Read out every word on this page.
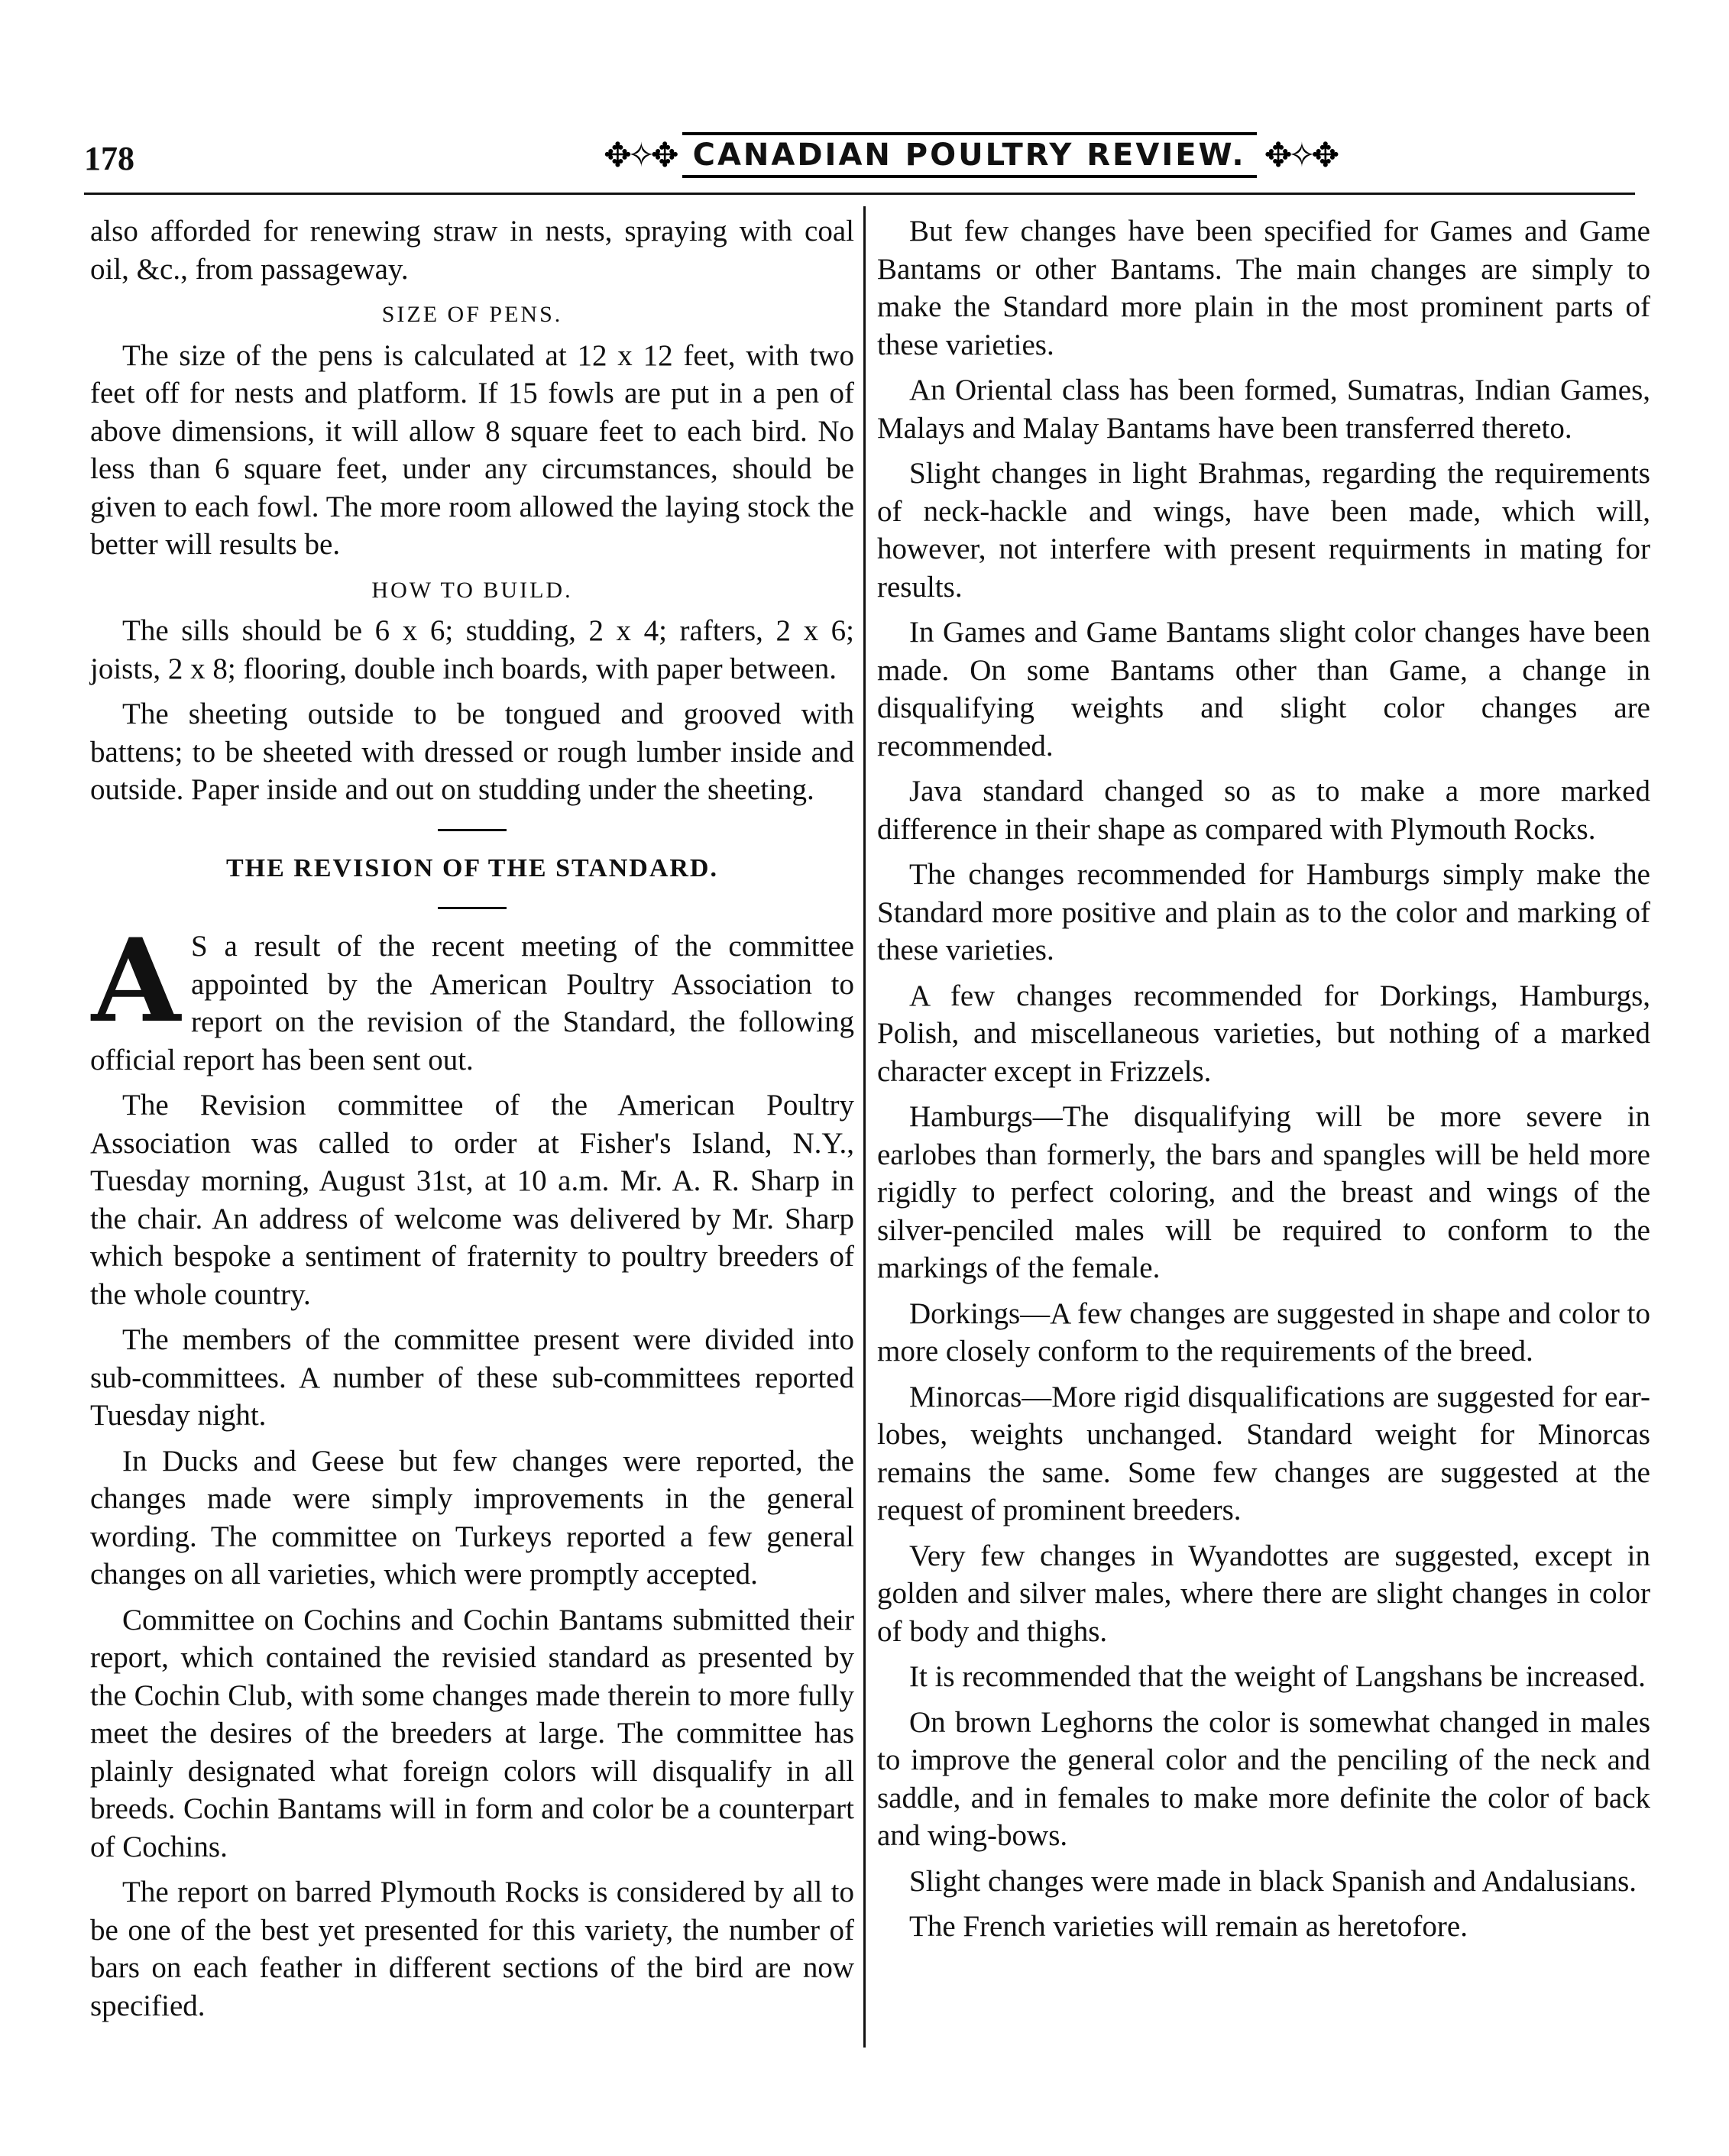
178	✥✧✥ CANADIAN POULTRY REVIEW. ✥✧✥

also afforded for renewing straw in nests, spraying with coal oil, &c., from passageway.

SIZE OF PENS.

The size of the pens is calculated at 12 x 12 feet, with two feet off for nests and platform. If 15 fowls are put in a pen of above dimensions, it will allow 8 square feet to each bird. No less than 6 square feet, under any circumstances, should be given to each fowl. The more room allowed the laying stock the better will results be.

HOW TO BUILD.

The sills should be 6 x 6; studding, 2 x 4; rafters, 2 x 6; joists, 2 x 8; flooring, double inch boards, with paper between.

The sheeting outside to be tongued and grooved with battens; to be sheeted with dressed or rough lumber inside and outside. Paper inside and out on studding under the sheeting.

THE REVISION OF THE STANDARD.
A S a result of the recent meeting of the committee appointed by the American Poultry Association to report on the revision of the Standard, the following official report has been sent out.

The Revision committee of the American Poultry Association was called to order at Fisher's Island, N.Y., Tuesday morning, August 31st, at 10 a.m. Mr. A. R. Sharp in the chair. An address of welcome was delivered by Mr. Sharp which bespoke a sentiment of fraternity to poultry breeders of the whole country.

The members of the committee present were divided into sub-committees. A number of these sub-committees reported Tuesday night.

In Ducks and Geese but few changes were reported, the changes made were simply improvements in the general wording. The committee on Turkeys reported a few general changes on all varieties, which were promptly accepted.

Committee on Cochins and Cochin Bantams submitted their report, which contained the revisied standard as presented by the Cochin Club, with some changes made therein to more fully meet the desires of the breeders at large. The committee has plainly designated what foreign colors will disqualify in all breeds. Cochin Bantams will in form and color be a counterpart of Cochins.

The report on barred Plymouth Rocks is considered by all to be one of the best yet presented for this variety, the number of bars on each feather in different sections of the bird are now specified.

But few changes have been specified for Games and Game Bantams or other Bantams. The main changes are simply to make the Standard more plain in the most prominent parts of these varieties.

An Oriental class has been formed, Sumatras, Indian Games, Malays and Malay Bantams have been transferred thereto.

Slight changes in light Brahmas, regarding the requirements of neck-hackle and wings, have been made, which will, however, not interfere with present requirments in mating for results.

In Games and Game Bantams slight color changes have been made. On some Bantams other than Game, a change in disqualifying weights and slight color changes are recommended.

Java standard changed so as to make a more marked difference in their shape as compared with Plymouth Rocks.

The changes recommended for Hamburgs simply make the Standard more positive and plain as to the color and marking of these varieties.

A few changes recommended for Dorkings, Hamburgs, Polish, and miscellaneous varieties, but nothing of a marked character except in Frizzels.

Hamburgs—The disqualifying will be more severe in earlobes than formerly, the bars and spangles will be held more rigidly to perfect coloring, and the breast and wings of the silver-penciled males will be required to conform to the markings of the female.

Dorkings—A few changes are suggested in shape and color to more closely conform to the requirements of the breed.

Minorcas—More rigid disqualifications are suggested for ear-lobes, weights unchanged. Standard weight for Minorcas remains the same. Some few changes are suggested at the request of prominent breeders.

Very few changes in Wyandottes are suggested, except in golden and silver males, where there are slight changes in color of body and thighs.

It is recommended that the weight of Langshans be increased.

On brown Leghorns the color is somewhat changed in males to improve the general color and the penciling of the neck and saddle, and in females to make more definite the color of back and wing-bows.

Slight changes were made in black Spanish and Andalusians.

The French varieties will remain as heretofore.
